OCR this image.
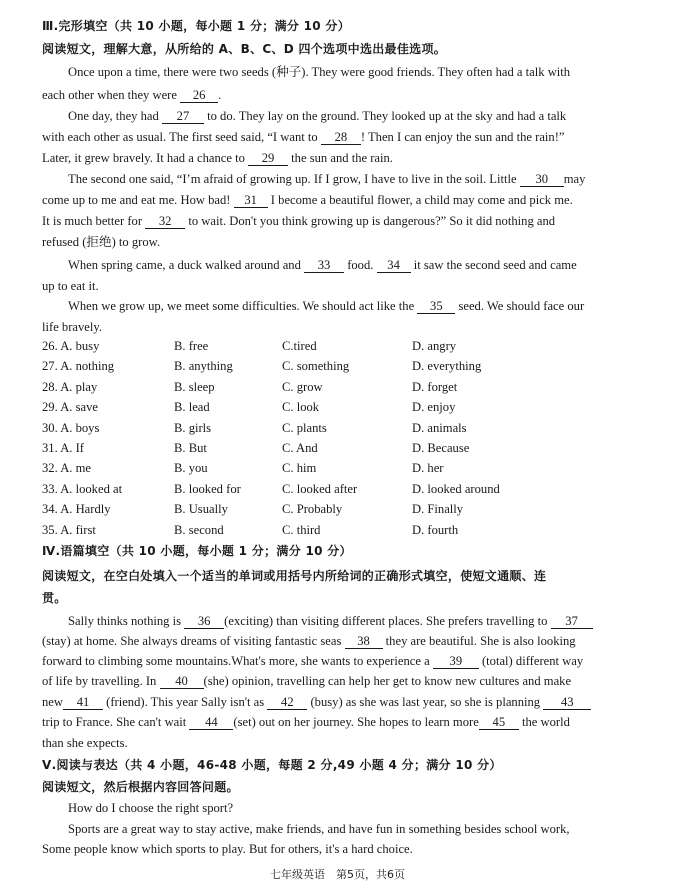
Ⅲ.完形填空（共 10 小题，每小题 1 分；满分 10 分）
阅读短文，理解大意，从所给的 A、B、C、D 四个选项中选出最佳选项。
Once upon a time, there were two seeds (种子). They were good friends. They often had a talk with
each other when they were 26 .
One day, they had 27 to do. They lay on the ground. They looked up at the sky and had a talk
with each other as usual. The first seed said, “I want to 28 ! Then I can enjoy the sun and the rain!”
Later, it grew bravely. It had a chance to 29 the sun and the rain.
The second one said, “I’m afraid of growing up. If I grow, I have to live in the soil. Little 30 may
come up to me and eat me. How bad! 31 I become a beautiful flower, a child may come and pick me.
It is much better for 32 to wait. Don't you think growing up is dangerous?” So it did nothing and
refused (拒绝) to grow.
When spring came, a duck walked around and 33 food. 34 it saw the second seed and came
up to eat it.
When we grow up, we meet some difficulties. We should act like the 35 seed. We should face our
life bravely.
26. A. busy	B. free	C.tired	D. angry
27. A. nothing	B. anything	C. something	D. everything
28. A. play	B. sleep	C. grow	D. forget
29. A. save	B. lead	C. look	D. enjoy
30. A. boys	B. girls	C. plants	D. animals
31. A. If	B. But	C. And	D. Because
32. A. me	B. you	C. him	D. her
33. A. looked at	B. looked for	C. looked after	D. looked around
34. A. Hardly	B. Usually	C. Probably	D. Finally
35. A. first	B. second	C. third	D. fourth
Ⅳ.语篇填空（共 10 小题，每小题 1 分；满分 10 分）
阅读短文，在空白处填入一个适当的单词或用括号内所给词的正确形式填空，使短文通顺、连
贯。
Sally thinks nothing is 36 (exciting) than visiting different places. She prefers travelling to 37
(stay) at home. She always dreams of visiting fantastic seas 38 they are beautiful. She is also looking
forward to climbing some mountains.What's more, she wants to experience a 39 (total) different way
of life by travelling. In 40 (she) opinion, travelling can help her get to know new cultures and make
new 41 (friend). This year Sally isn't as 42 (busy) as she was last year, so she is planning 43
trip to France. She can't wait 44 (set) out on her journey. She hopes to learn more 45 the world
than she expects.
Ⅴ.阅读与表达（共 4 小题，46-48 小题，每题 2 分,49 小题 4 分；满分 10 分）
阅读短文，然后根据内容回答问题。
How do I choose the right sport?
Sports are a great way to stay active, make friends, and have fun in something besides school work,
Some people know which sports to play. But for others, it's a hard choice.
七年级英语　第5页，共6页
